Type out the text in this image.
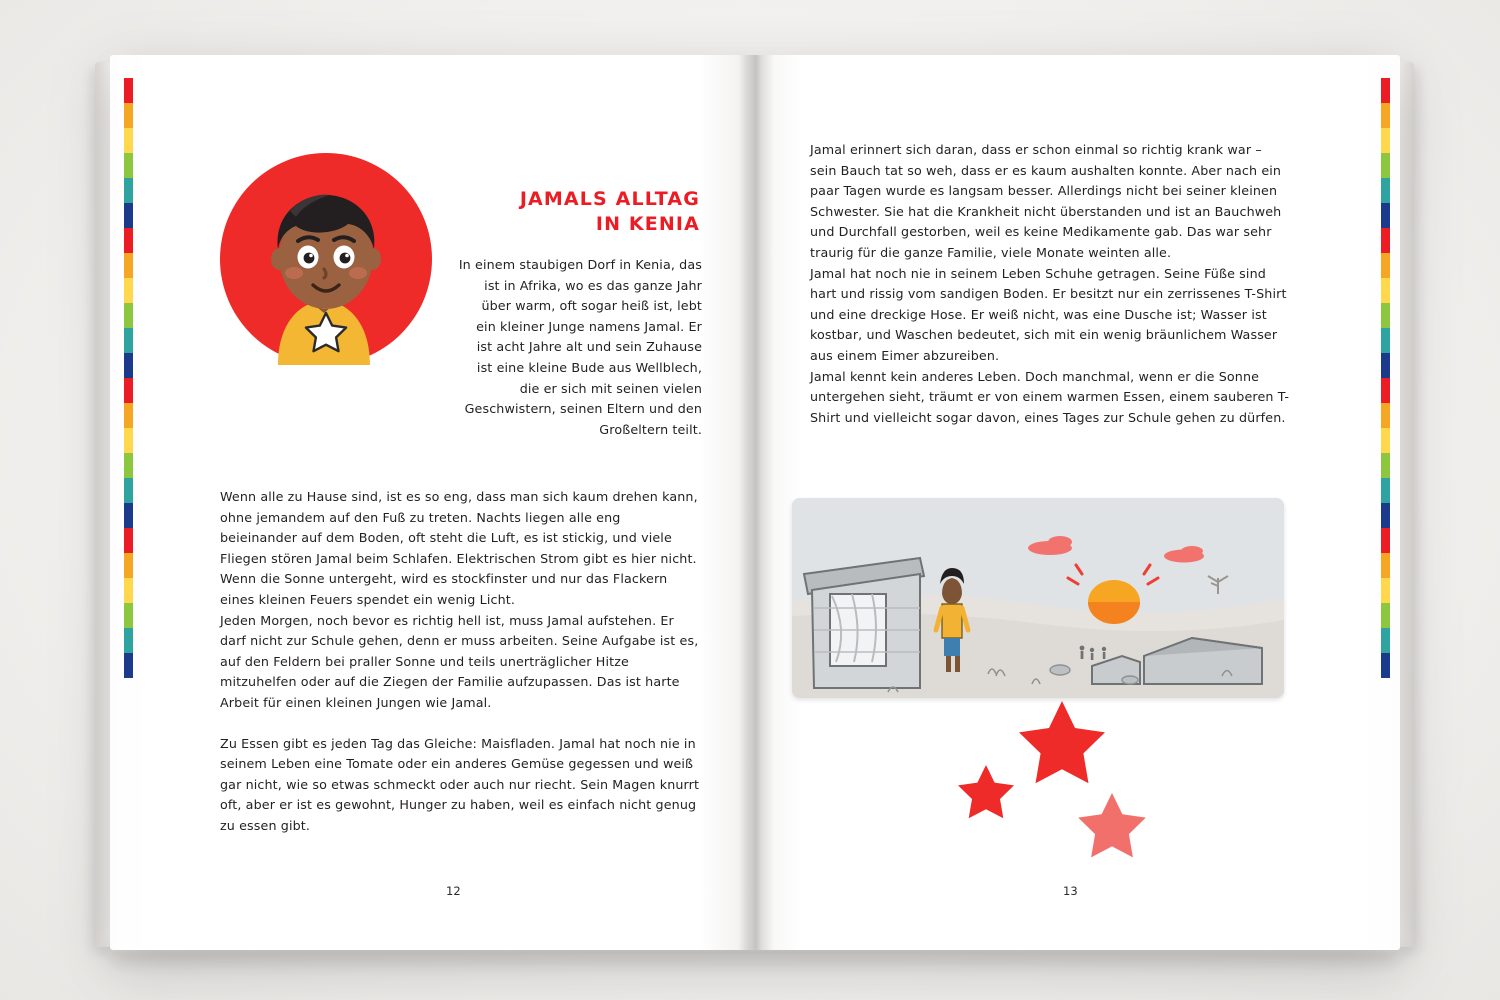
JAMALS ALLTAG
IN KENIA
In einem staubigen Dorf in Kenia, das ist in Afrika, wo es das ganze Jahr über warm, oft sogar heiß ist, lebt ein kleiner Junge namens Jamal. Er ist acht Jahre alt und sein Zuhause ist eine kleine Bude aus Wellblech, die er sich mit seinen vielen Geschwistern, seinen Eltern und den Großeltern teilt.

Wenn alle zu Hause sind, ist es so eng, dass man sich kaum drehen kann, ohne jemandem auf den Fuß zu treten. Nachts liegen alle eng beieinander auf dem Boden, oft steht die Luft, es ist stickig, und viele Fliegen stören Jamal beim Schlafen. Elektrischen Strom gibt es hier nicht. Wenn die Sonne untergeht, wird es stockfinster und nur das Flackern eines kleinen Feuers spendet ein wenig Licht.

Jeden Morgen, noch bevor es richtig hell ist, muss Jamal aufstehen. Er darf nicht zur Schule gehen, denn er muss arbeiten. Seine Aufgabe ist es, auf den Feldern bei praller Sonne und teils unerträglicher Hitze mitzuhelfen oder auf die Ziegen der Familie aufzupassen. Das ist harte Arbeit für einen kleinen Jungen wie Jamal.

Zu Essen gibt es jeden Tag das Gleiche: Maisfladen. Jamal hat noch nie in seinem Leben eine Tomate oder ein anderes Gemüse gegessen und weiß gar nicht, wie so etwas schmeckt oder auch nur riecht. Sein Magen knurrt oft, aber er ist es gewohnt, Hunger zu haben, weil es einfach nicht genug zu essen gibt.

12

Jamal erinnert sich daran, dass er schon einmal so richtig krank war – sein Bauch tat so weh, dass er es kaum aushalten konnte. Aber nach ein paar Tagen wurde es langsam besser. Allerdings nicht bei seiner kleinen Schwester. Sie hat die Krankheit nicht überstanden und ist an Bauchweh und Durchfall gestorben, weil es keine Medikamente gab. Das war sehr traurig für die ganze Familie, viele Monate weinten alle.

Jamal hat noch nie in seinem Leben Schuhe getragen. Seine Füße sind hart und rissig vom sandigen Boden. Er besitzt nur ein zerrissenes T-Shirt und eine dreckige Hose. Er weiß nicht, was eine Dusche ist; Wasser ist kostbar, und Waschen bedeutet, sich mit ein wenig bräunlichem Wasser aus einem Eimer abzureiben.

Jamal kennt kein anderes Leben. Doch manchmal, wenn er die Sonne untergehen sieht, träumt er von einem warmen Essen, einem sauberen T-Shirt und vielleicht sogar davon, eines Tages zur Schule gehen zu dürfen.

13
